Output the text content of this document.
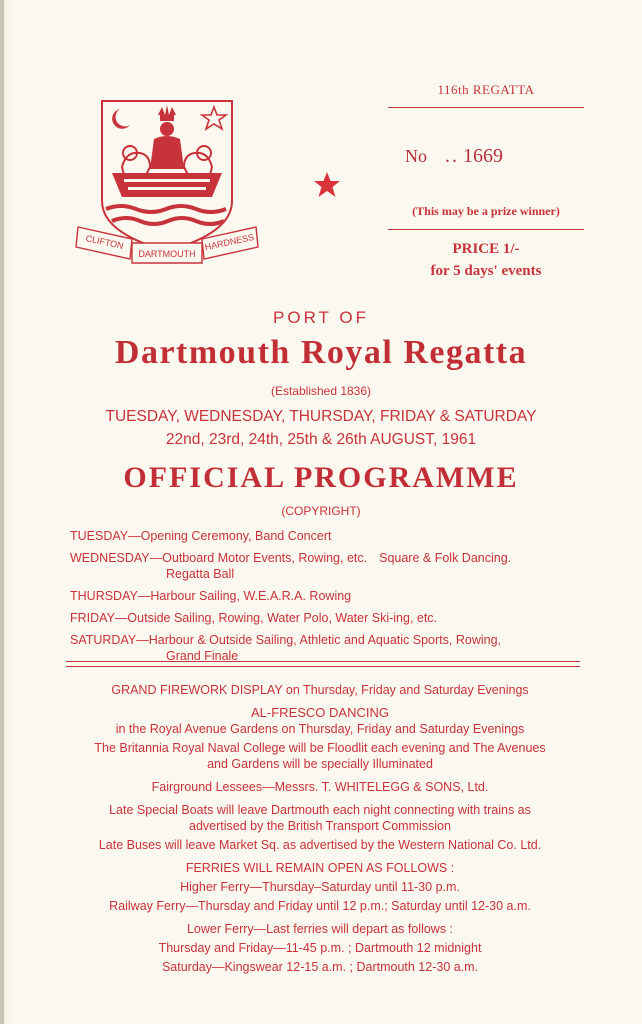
CLIFTON
DARTMOUTH
HARDNESS
116th REGATTA
No .. 1669
(This may be a prize winner)
PRICE 1/-
for 5 days' events
PORT OF
Dartmouth Royal Regatta
(Established 1836)
TUESDAY, WEDNESDAY, THURSDAY, FRIDAY & SATURDAY
22nd, 23rd, 24th, 25th & 26th AUGUST, 1961
OFFICIAL PROGRAMME
(COPYRIGHT)
TUESDAY—Opening Ceremony, Band Concert
WEDNESDAY—Outboard Motor Events, Rowing, etc. Square & Folk Dancing.
Regatta Ball
THURSDAY—Harbour Sailing, W.E.A.R.A. Rowing
FRIDAY—Outside Sailing, Rowing, Water Polo, Water Ski-ing, etc.
SATURDAY—Harbour & Outside Sailing, Athletic and Aquatic Sports, Rowing,
Grand Finale

GRAND FIREWORK DISPLAY on Thursday, Friday and Saturday Evenings

AL-FRESCO DANCING

in the Royal Avenue Gardens on Thursday, Friday and Saturday Evenings

The Britannia Royal Naval College will be Floodlit each evening and The Avenues

and Gardens will be specially Illuminated

Fairground Lessees—Messrs. T. WHITELEGG & SONS, Ltd.

Late Special Boats will leave Dartmouth each night connecting with trains as

advertised by the British Transport Commission

Late Buses will leave Market Sq. as advertised by the Western National Co. Ltd.

FERRIES WILL REMAIN OPEN AS FOLLOWS :

Higher Ferry—Thursday–Saturday until 11-30 p.m.

Railway Ferry—Thursday and Friday until 12 p.m.; Saturday until 12-30 a.m.

Lower Ferry—Last ferries will depart as follows :

Thursday and Friday—11-45 p.m. ; Dartmouth 12 midnight

Saturday—Kingswear 12-15 a.m. ; Dartmouth 12-30 a.m.
